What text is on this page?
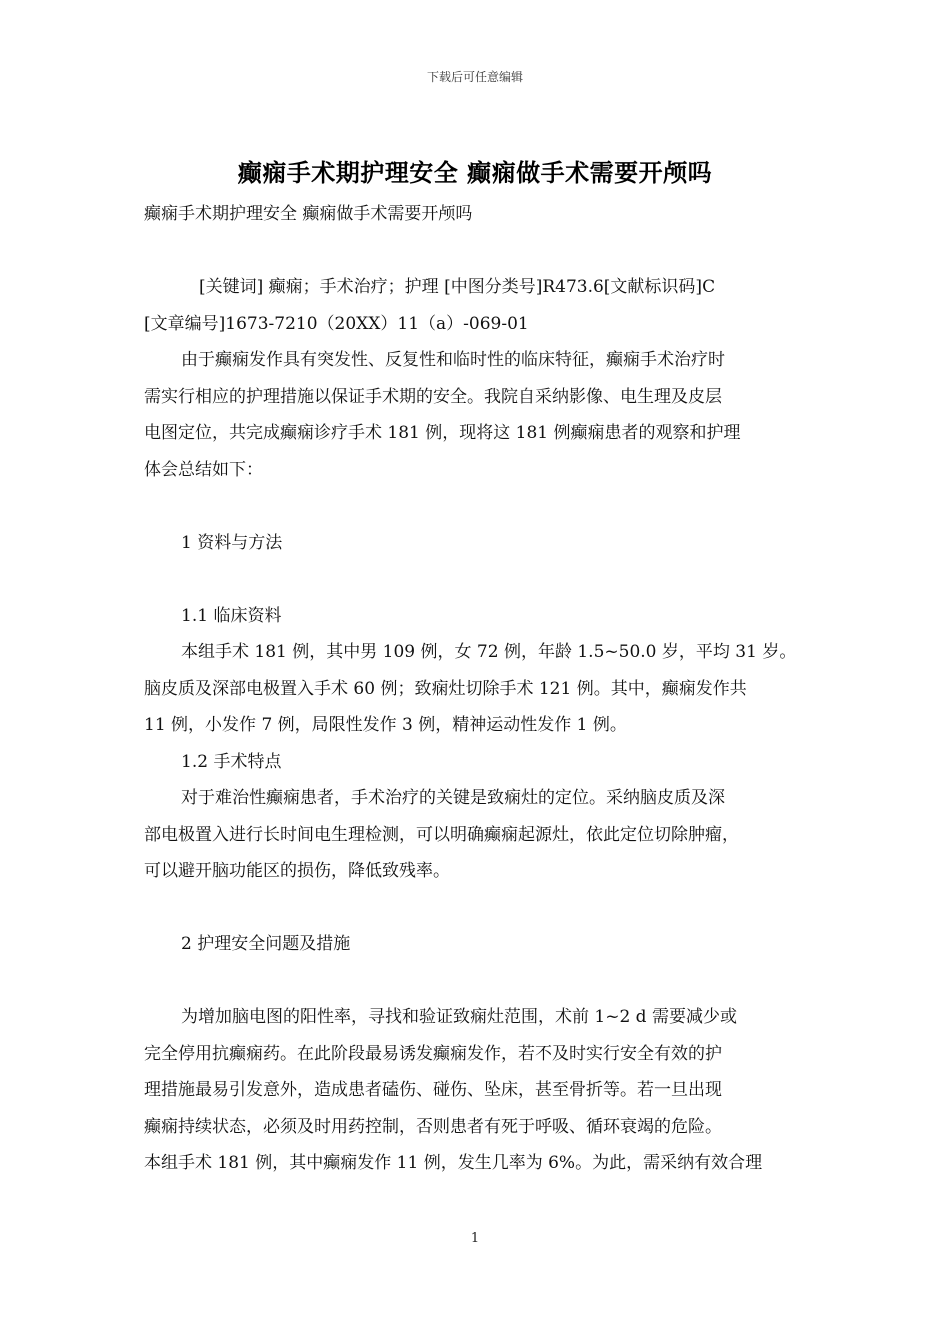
下载后可任意编辑
癫痫手术期护理安全 癫痫做手术需要开颅吗
癫痫手术期护理安全 癫痫做手术需要开颅吗
[关键词] 癫痫；手术治疗；护理 [中图分类号]R473.6[文献标识码]C
[文章编号]1673-7210（20XX）11（a）-069-01
由于癫痫发作具有突发性、反复性和临时性的临床特征，癫痫手术治疗时
需实行相应的护理措施以保证手术期的安全。我院自采纳影像、电生理及皮层
电图定位，共完成癫痫诊疗手术 181 例，现将这 181 例癫痫患者的观察和护理
体会总结如下：
1 资料与方法
1.1 临床资料
本组手术 181 例，其中男 109 例，女 72 例，年龄 1.5~50.0 岁，平均 31 岁。
脑皮质及深部电极置入手术 60 例；致痫灶切除手术 121 例。其中，癫痫发作共
11 例，小发作 7 例，局限性发作 3 例，精神运动性发作 1 例。
1.2 手术特点
对于难治性癫痫患者，手术治疗的关键是致痫灶的定位。采纳脑皮质及深
部电极置入进行长时间电生理检测，可以明确癫痫起源灶，依此定位切除肿瘤，
可以避开脑功能区的损伤，降低致残率。
2 护理安全问题及措施
为增加脑电图的阳性率，寻找和验证致痫灶范围，术前 1~2 d 需要减少或
完全停用抗癫痫药。在此阶段最易诱发癫痫发作，若不及时实行安全有效的护
理措施最易引发意外，造成患者磕伤、碰伤、坠床，甚至骨折等。若一旦出现
癫痫持续状态，必须及时用药控制，否则患者有死于呼吸、循环衰竭的危险。
本组手术 181 例，其中癫痫发作 11 例，发生几率为 6%。为此，需采纳有效合理
1
